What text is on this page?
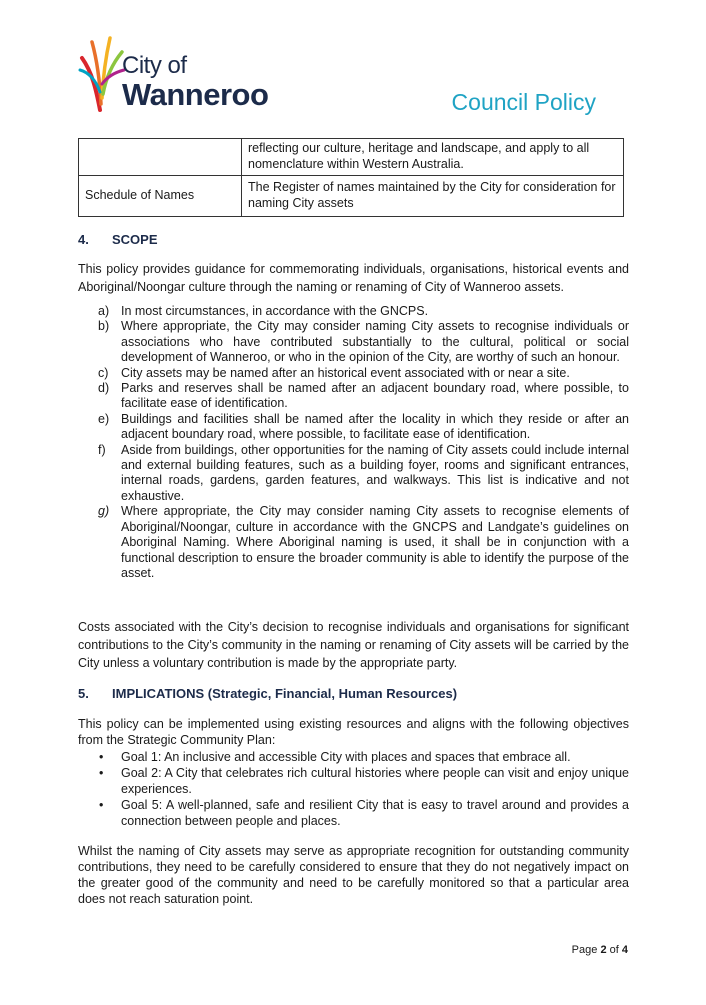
City of
Wanneroo	Council Policy
	reflecting our culture, heritage and landscape, and apply to all nomenclature within Western Australia.
Schedule of Names	The Register of names maintained by the City for consideration for naming City assets
4. SCOPE
This policy provides guidance for commemorating individuals, organisations, historical events and Aboriginal/Noongar culture through the naming or renaming of City of Wanneroo assets.
a) In most circumstances, in accordance with the GNCPS.
b) Where appropriate, the City may consider naming City assets to recognise individuals or associations who have contributed substantially to the cultural, political or social development of Wanneroo, or who in the opinion of the City, are worthy of such an honour.
c) City assets may be named after an historical event associated with or near a site.
d) Parks and reserves shall be named after an adjacent boundary road, where possible, to facilitate ease of identification.
e) Buildings and facilities shall be named after the locality in which they reside or after an adjacent boundary road, where possible, to facilitate ease of identification.
f) Aside from buildings, other opportunities for the naming of City assets could include internal and external building features, such as a building foyer, rooms and significant entrances, internal roads, gardens, garden features, and walkways. This list is indicative and not exhaustive.
g) Where appropriate, the City may consider naming City assets to recognise elements of Aboriginal/Noongar, culture in accordance with the GNCPS and Landgate’s guidelines on Aboriginal Naming. Where Aboriginal naming is used, it shall be in conjunction with a functional description to ensure the broader community is able to identify the purpose of the asset.
Costs associated with the City’s decision to recognise individuals and organisations for significant contributions to the City’s community in the naming or renaming of City assets will be carried by the City unless a voluntary contribution is made by the appropriate party.
5. IMPLICATIONS (Strategic, Financial, Human Resources)
This policy can be implemented using existing resources and aligns with the following objectives from the Strategic Community Plan:
• Goal 1: An inclusive and accessible City with places and spaces that embrace all.
• Goal 2: A City that celebrates rich cultural histories where people can visit and enjoy unique experiences.
• Goal 5: A well-planned, safe and resilient City that is easy to travel around and provides a connection between people and places.
Whilst the naming of City assets may serve as appropriate recognition for outstanding community contributions, they need to be carefully considered to ensure that they do not negatively impact on the greater good of the community and need to be carefully monitored so that a particular area does not reach saturation point.
Page 2 of 4
